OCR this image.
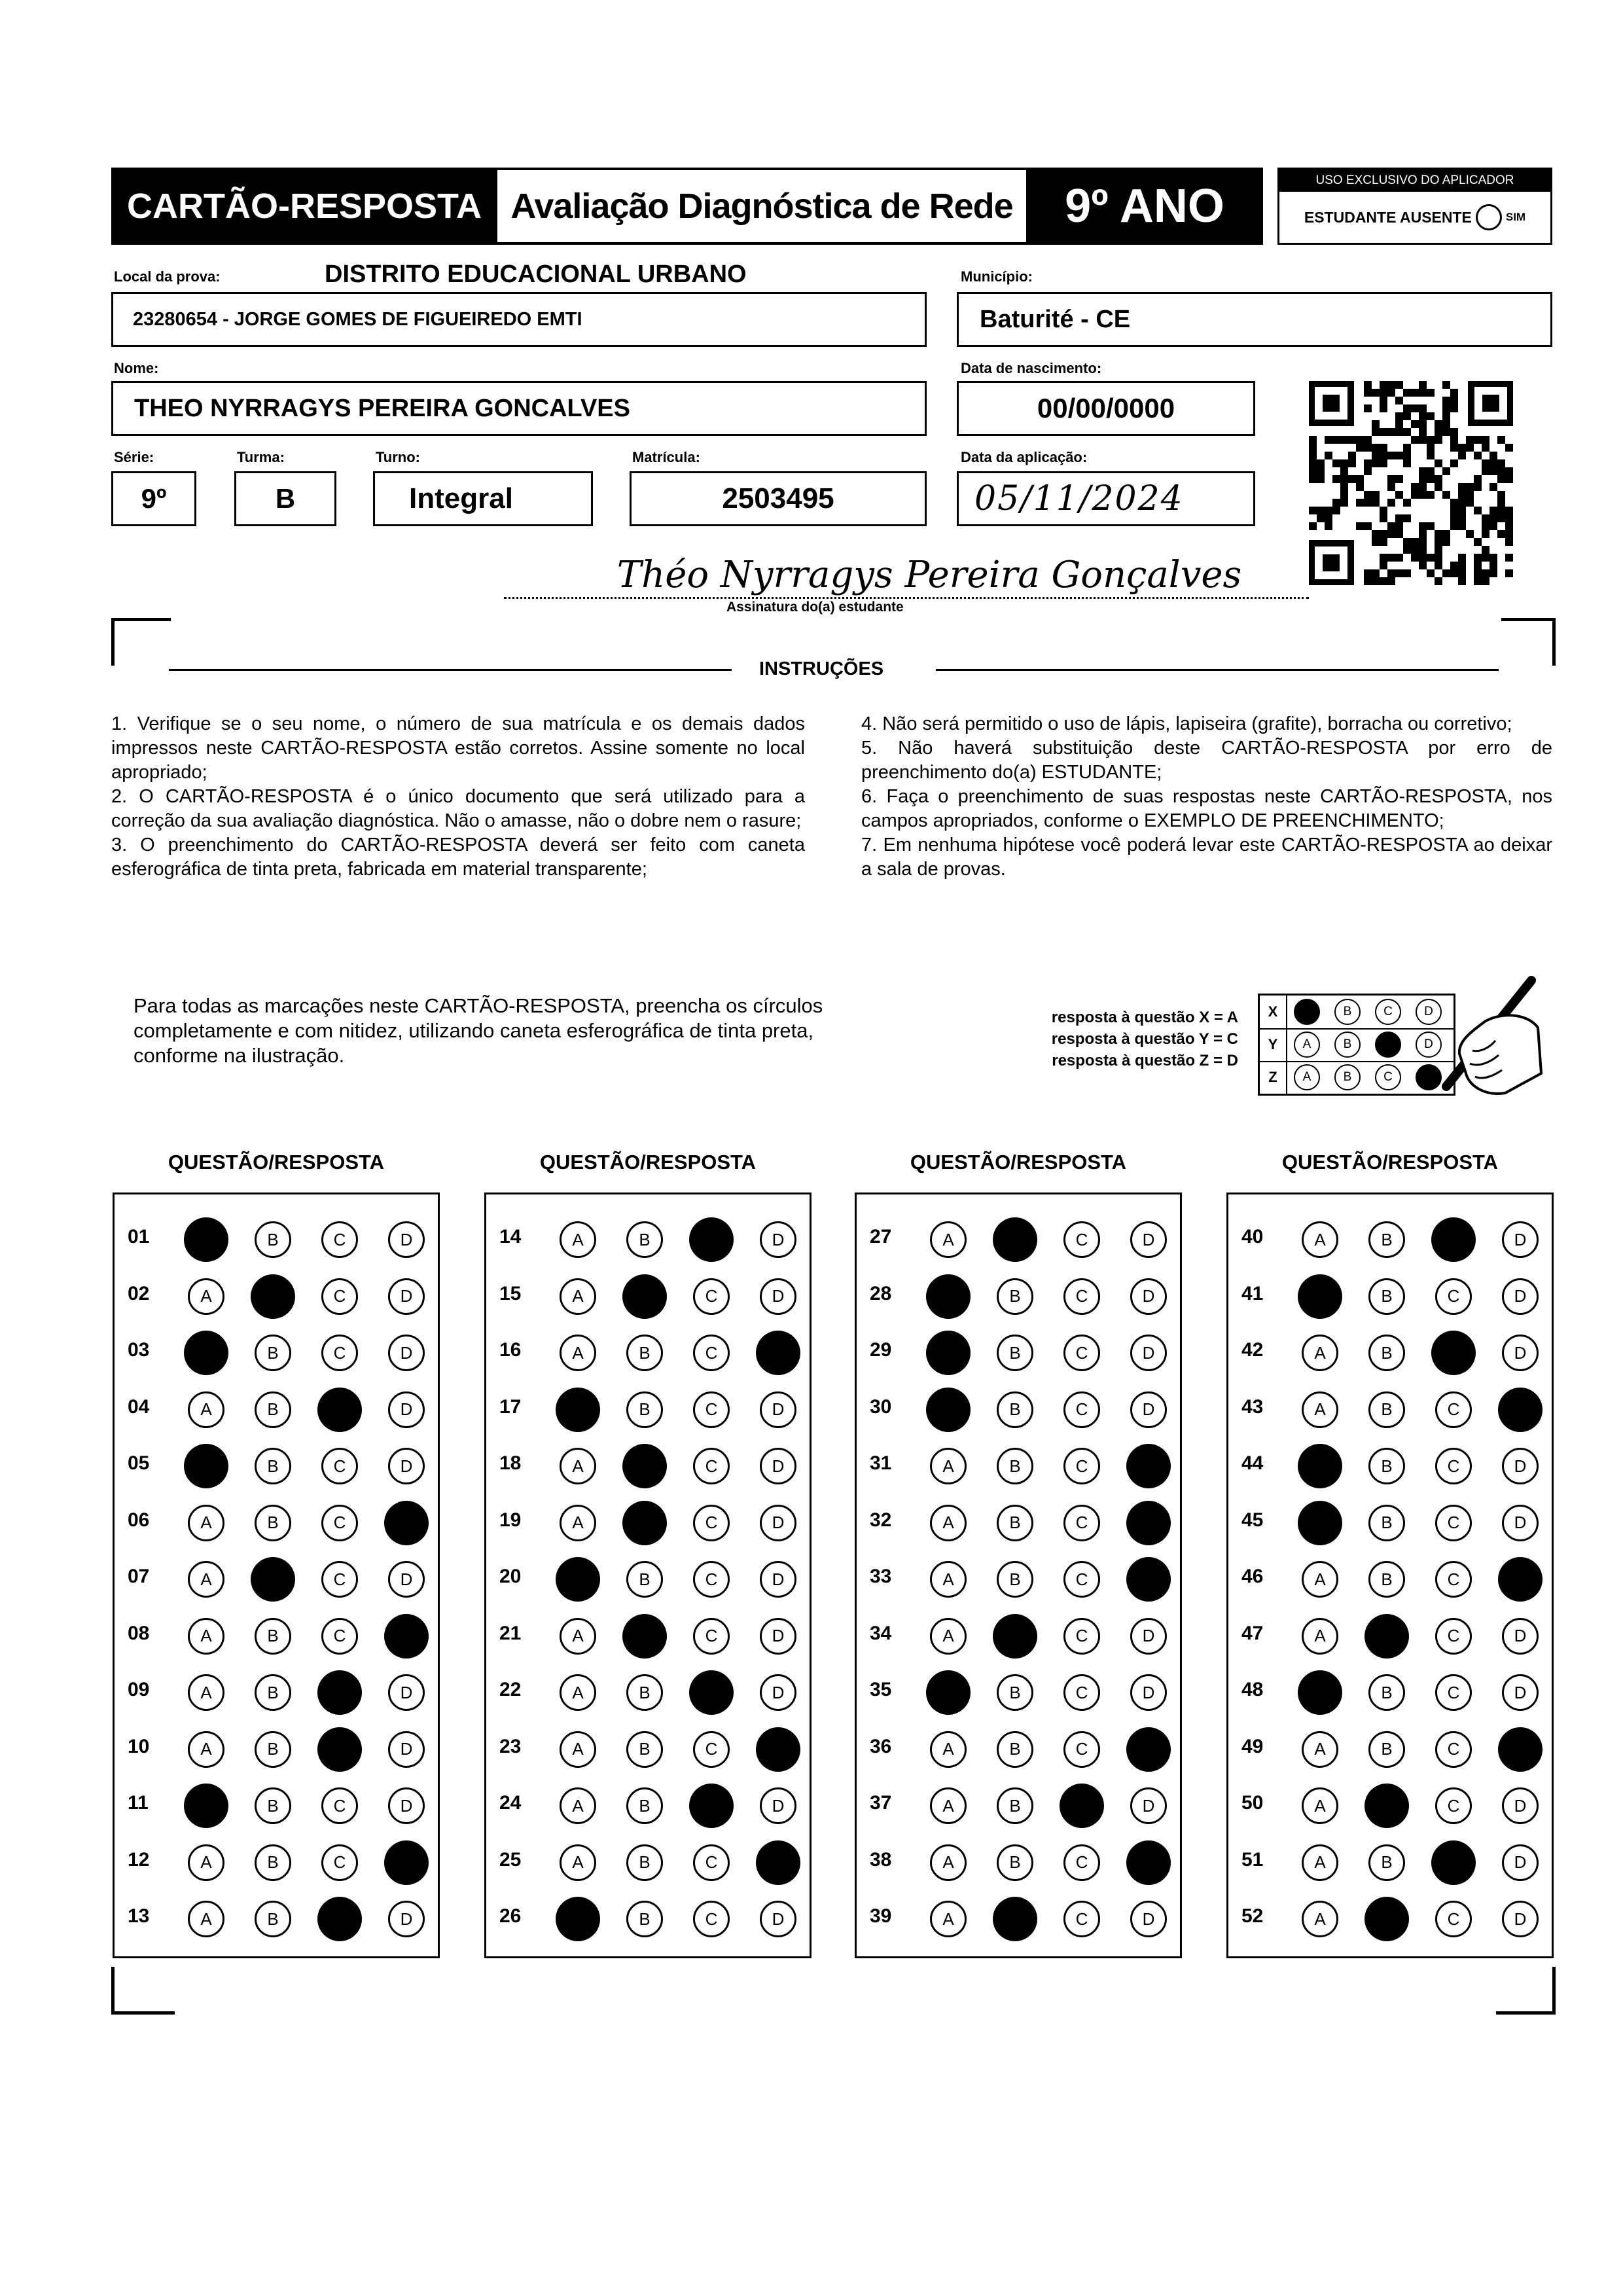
CARTÃO-RESPOSTA Avaliação Diagnóstica de Rede	9º ANO	USO EXCLUSIVO DO APLICADOR
ESTUDANTE AUSENTE	SIM
Local da prova:	DISTRITO EDUCACIONAL URBANO
23280654 - JORGE GOMES DE FIGUEIREDO EMTI
Município:
Baturité - CE
Nome:
THEO NYRRAGYS PEREIRA GONCALVES
Data de nascimento:
00/00/0000
Série:
9º
Turma:
B
Turno:
Integral
Matrícula:
2503495
Data da aplicação:
05/11/2024
Théo Nyrragys Pereira Gonçalves
Assinatura do(a) estudante
INSTRUÇÕES
1. Verifique se o seu nome, o número de sua matrícula e os demais dados impressos neste CARTÃO-RESPOSTA estão corretos. Assine somente no local apropriado;
2. O CARTÃO-RESPOSTA é o único documento que será utilizado para a correção da sua avaliação diagnóstica. Não o amasse, não o dobre nem o rasure;
3. O preenchimento do CARTÃO-RESPOSTA deverá ser feito com caneta esferográfica de tinta preta, fabricada em material transparente;
4. Não será permitido o uso de lápis, lapiseira (grafite), borracha ou corretivo;
5. Não haverá substituição deste CARTÃO-RESPOSTA por erro de preenchimento do(a) ESTUDANTE;
6. Faça o preenchimento de suas respostas neste CARTÃO-RESPOSTA, nos campos apropriados, conforme o EXEMPLO DE PREENCHIMENTO;
7. Em nenhuma hipótese você poderá levar este CARTÃO-RESPOSTA ao deixar a sala de provas.
Para todas as marcações neste CARTÃO-RESPOSTA, preencha os círculos completamente e com nitidez, utilizando caneta esferográfica de tinta preta, conforme na ilustração.
resposta à questão X = A
resposta à questão Y = C
resposta à questão Z = D
X	B	C	D
Y	A	B	D
Z	A	B	C
QUESTÃO/RESPOSTA
01	B	C	D
02	A	C	D
03	B	C	D
04	A	B	D
05	B	C	D
06	A	B	C
07	A	C	D
08	A	B	C
09	A	B	D
10	A	B	D
11	B	C	D
12	A	B	C
13	A	B	D
QUESTÃO/RESPOSTA
14	A	B	D
15	A	C	D
16	A	B	C
17	B	C	D
18	A	C	D
19	A	C	D
20	B	C	D
21	A	C	D
22	A	B	D
23	A	B	C
24	A	B	D
25	A	B	C
26	B	C	D
QUESTÃO/RESPOSTA
27	A	C	D
28	B	C	D
29	B	C	D
30	B	C	D
31	A	B	C
32	A	B	C
33	A	B	C
34	A	C	D
35	B	C	D
36	A	B	C
37	A	B	D
38	A	B	C
39	A	C	D
QUESTÃO/RESPOSTA
40	A	B	D
41	B	C	D
42	A	B	D
43	A	B	C
44	B	C	D
45	B	C	D
46	A	B	C
47	A	C	D
48	B	C	D
49	A	B	C
50	A	C	D
51	A	B	D
52	A	C	D
